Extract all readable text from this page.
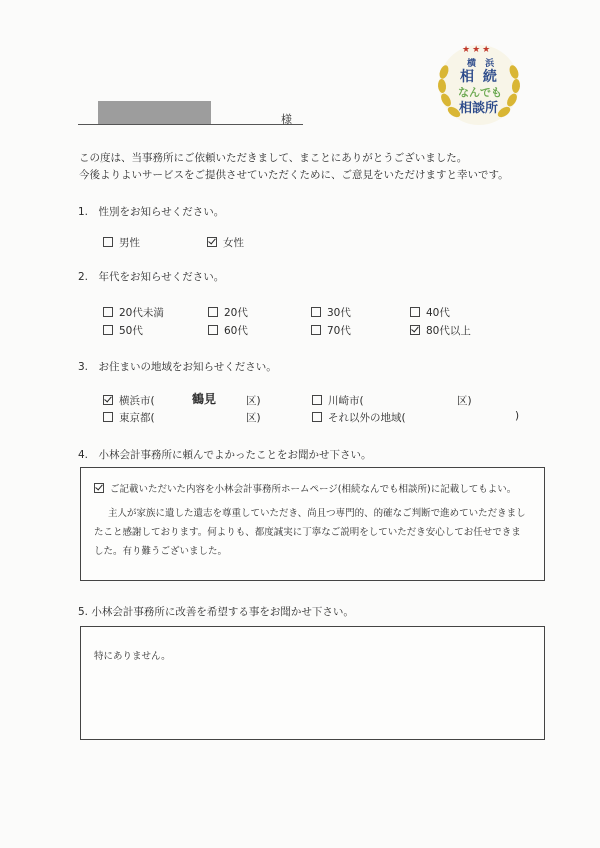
様
★★★
横 浜
相 続
なんでも
相談所
この度は、当事務所にご依頼いただきまして、まことにありがとうございました。
今後よりよいサービスをご提供させていただくために、ご意見をいただけますと幸いです。
1.　性別をお知らせください。
男性	女性
2.　年代をお知らせください。
20代未満	20代	30代	40代
50代	60代	70代	80代以上
3.　お住まいの地域をお知らせください。
横浜市(	鶴見	区)	川崎市(	区)
東京都(	区)	それ以外の地域(	)
4.　小林会計事務所に頼んでよかったことをお聞かせ下さい。
ご記載いただいた内容を小林会計事務所ホームページ(相続なんでも相談所)に記載してもよい。
主人が家族に遺した遺志を尊重していただき、尚且つ専門的、的確なご判断で進めていただきまし
たこと感謝しております。何よりも、都度誠実に丁寧なご説明をしていただき安心してお任せできま
した。有り難うございました。
5. 小林会計事務所に改善を希望する事をお聞かせ下さい。
特にありません。
